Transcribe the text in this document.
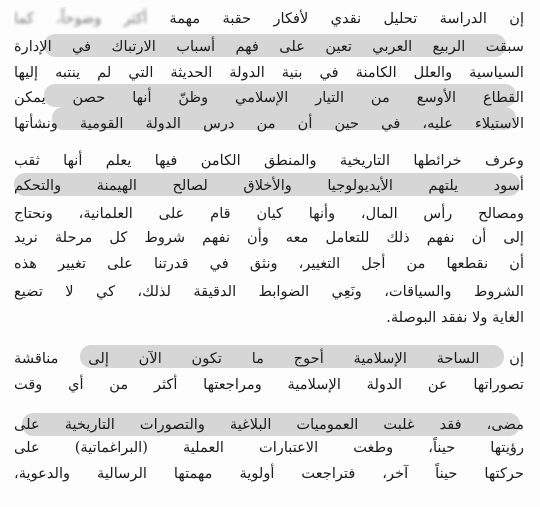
إن الدراسة تحليل نقدي لأفكار حقبة مهمة أكثر وضوحاً، كما
سبقت الربيع العربي تعين على فهم أسباب الارتباك في الإدارة
السياسية والعلل الكامنة في بنية الدولة الحديثة التي لم ينتبه إليها
القطاع الأوسع من التيار الإسلامي وظنّ أنها حصن يمكن
الاستيلاء عليه، في حين أن من درس الدولة القومية ونشأتها
وعرف خرائطها التاريخية والمنطق الكامن فيها يعلم أنها ثقب
أسود يلتهم الأيديولوجيا والأخلاق لصالح الهيمنة والتحكم
ومصالح رأس المال، وأنها كيان قام على العلمانية، ونحتاج
إلى أن نفهم ذلك للتعامل معه وأن نفهم شروط كل مرحلة نريد
أن نقطعها من أجل التغيير، ونثق في قدرتنا على تغيير هذه
الشروط والسياقات، ونَعِي الضوابط الدقيقة لذلك، كي لا تضيع
الغاية ولا نفقد البوصلة.
إن الساحة الإسلامية أحوج ما تكون الآن إلى مناقشة
تصوراتها عن الدولة الإسلامية ومراجعتها أكثر من أي وقت
مضى، فقد غلبت العموميات البلاغية والتصورات التاريخية على
رؤيتها حيناً، وطغت الاعتبارات العملية (البراغماتية) على
حركتها حيناً آخر، فتراجعت أولوية مهمتها الرسالية والدعوية،
